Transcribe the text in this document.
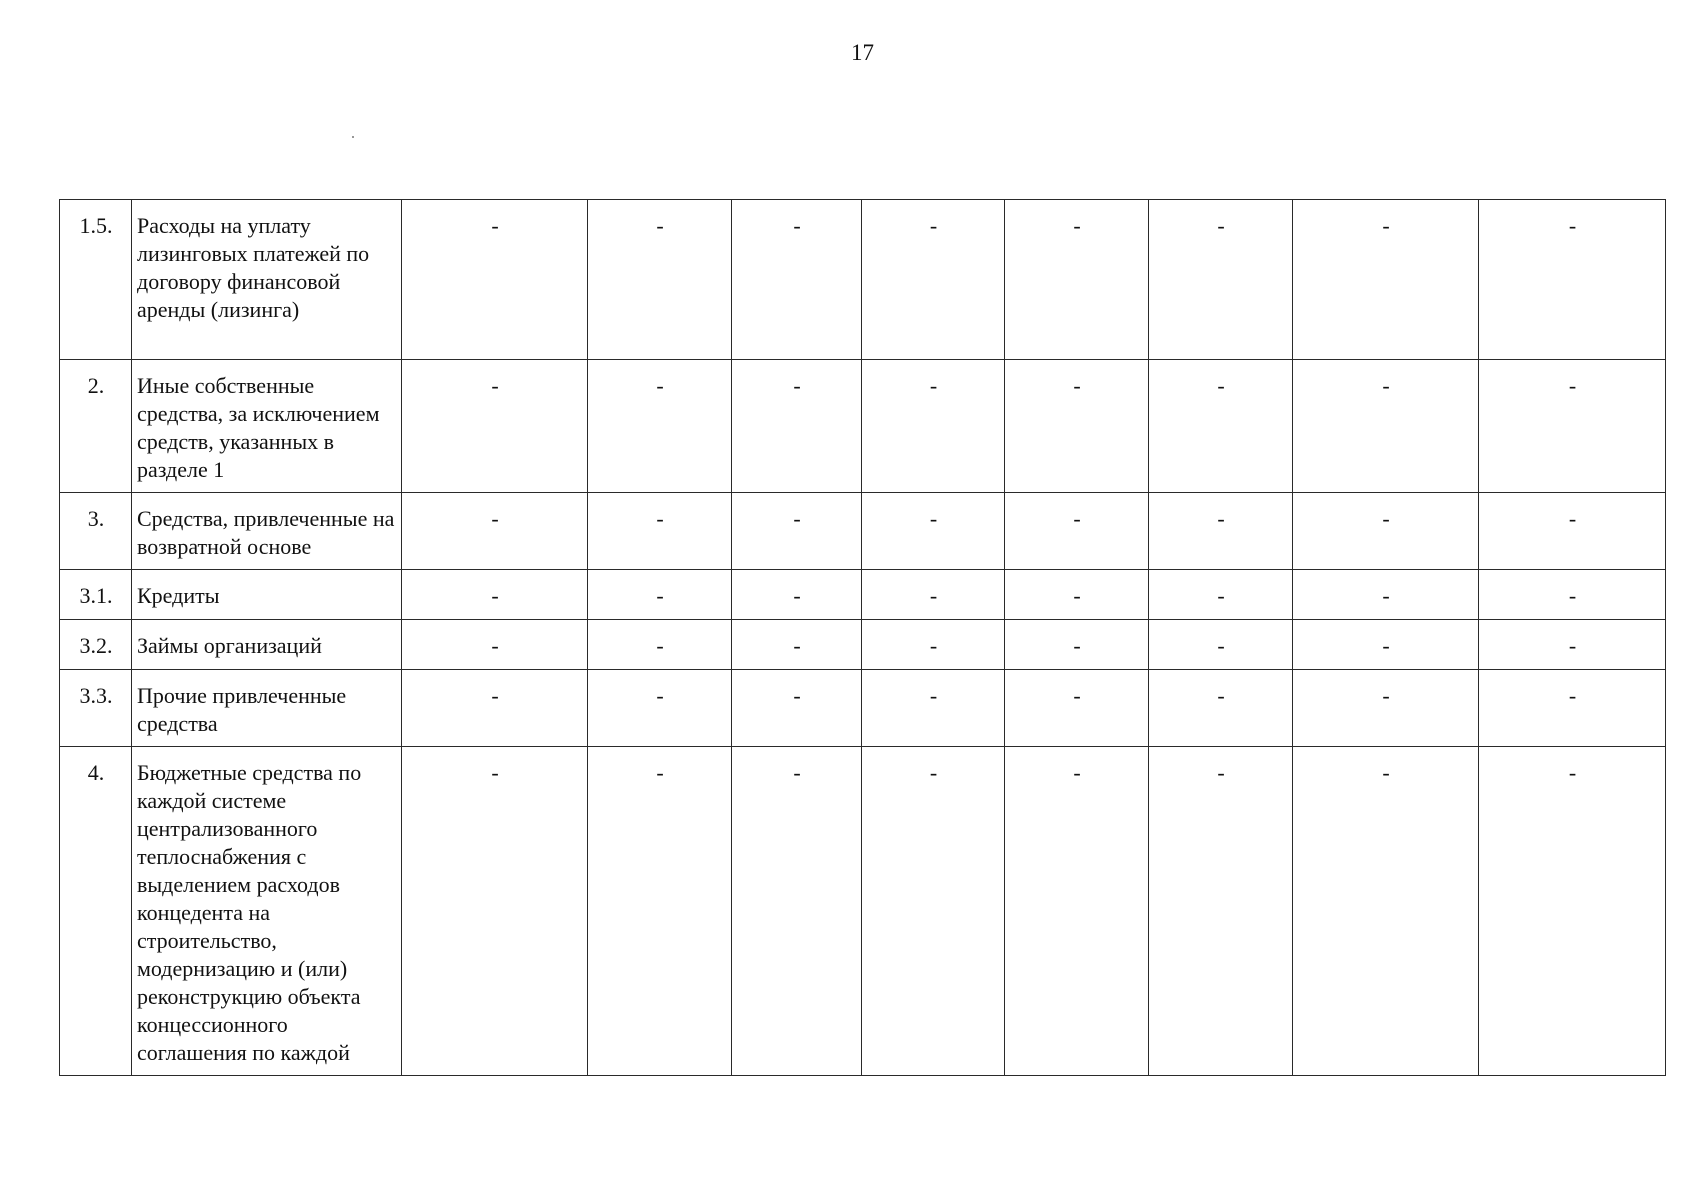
17
1.5.	Расходы на уплату лизинговых платежей по договору финансовой аренды (лизинга)	-	-	-	-	-	-	-	-
2.	Иные собственные средства, за исключением средств, указанных в разделе 1	-	-	-	-	-	-	-	-
3.	Средства, привлеченные на возвратной основе	-	-	-	-	-	-	-	-
3.1.	Кредиты	-	-	-	-	-	-	-	-
3.2.	Займы организаций	-	-	-	-	-	-	-	-
3.3.	Прочие привлеченные средства	-	-	-	-	-	-	-	-
4.	Бюджетные средства по каждой системе централизованного теплоснабжения с выделением расходов концедента на строительство, модернизацию и (или) реконструкцию объекта концессионного соглашения по каждой	-	-	-	-	-	-	-	-
